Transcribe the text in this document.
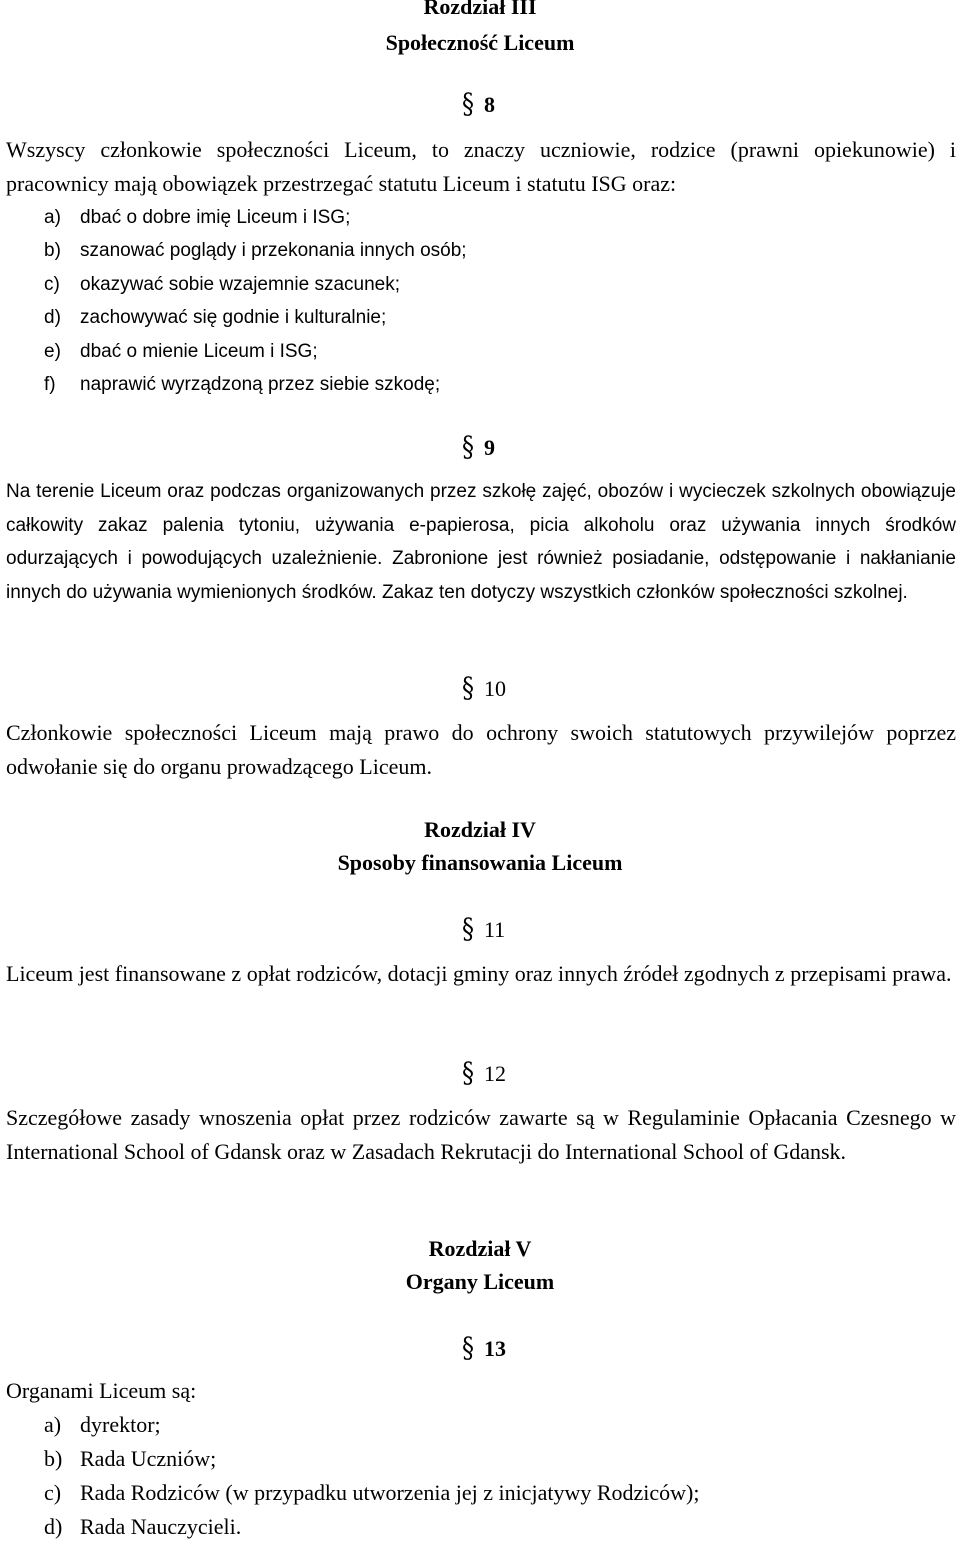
Rozdział III
Społeczność Liceum
§ 8
Wszyscy członkowie społeczności Liceum, to znaczy uczniowie, rodzice (prawni opiekunowie) i pracownicy mają obowiązek przestrzegać statutu Liceum i statutu ISG oraz:
a) dbać o dobre imię Liceum i ISG;
b) szanować poglądy i przekonania innych osób;
c) okazywać sobie wzajemnie szacunek;
d) zachowywać się godnie i kulturalnie;
e) dbać o mienie Liceum i ISG;
f) naprawić wyrządzoną przez siebie szkodę;
§ 9
Na terenie Liceum oraz podczas organizowanych przez szkołę zajęć, obozów i wycieczek szkolnych obowiązuje całkowity zakaz palenia tytoniu, używania e-papierosa, picia alkoholu oraz używania innych środków odurzających i powodujących uzależnienie. Zabronione jest również posiadanie, odstępowanie i nakłanianie innych do używania wymienionych środków. Zakaz ten dotyczy wszystkich członków społeczności szkolnej.
§ 10
Członkowie społeczności Liceum mają prawo do ochrony swoich statutowych przywilejów poprzez odwołanie się do organu prowadzącego Liceum.
Rozdział IV
Sposoby finansowania Liceum
§ 11
Liceum jest finansowane z opłat rodziców, dotacji gminy oraz innych źródeł zgodnych z przepisami prawa.
§ 12
Szczegółowe zasady wnoszenia opłat przez rodziców zawarte są w Regulaminie Opłacania Czesnego w International School of Gdansk oraz w Zasadach Rekrutacji do International School of Gdansk.
Rozdział V
Organy Liceum
§ 13
Organami Liceum są:
a) dyrektor;
b) Rada Uczniów;
c) Rada Rodziców (w przypadku utworzenia jej z inicjatywy Rodziców);
d) Rada Nauczycieli.
